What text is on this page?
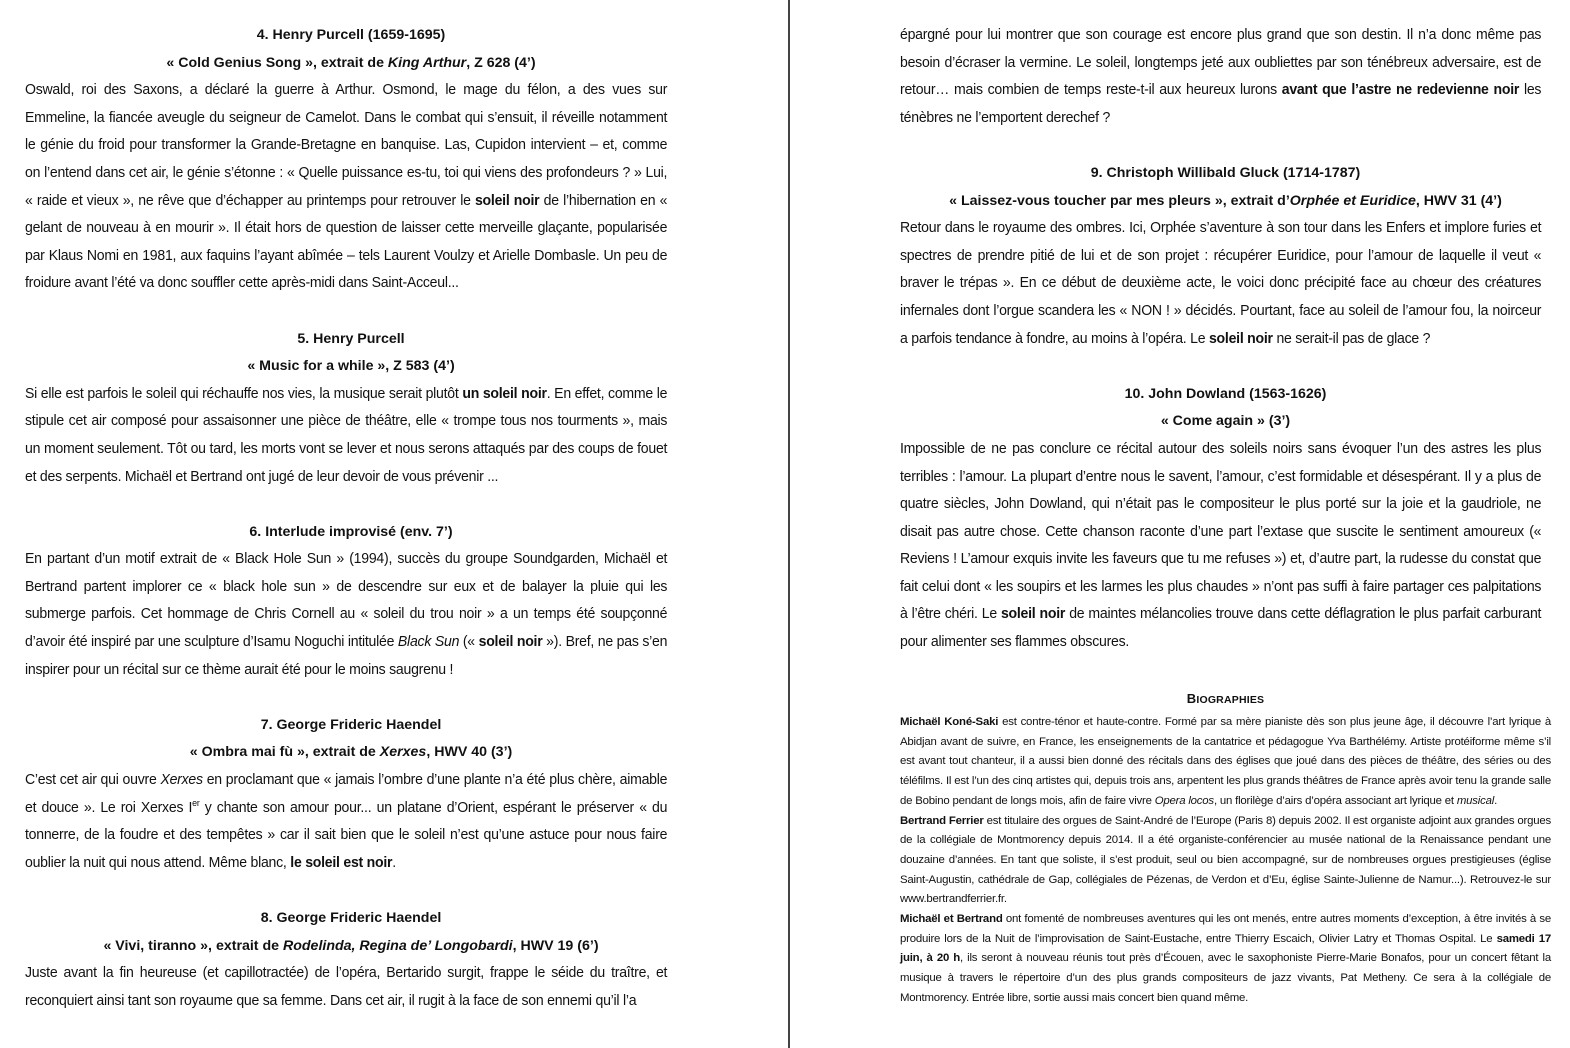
4. Henry Purcell (1659-1695)

« Cold Genius Song », extrait de King Arthur, Z 628 (4’)

Oswald, roi des Saxons, a déclaré la guerre à Arthur. Osmond, le mage du félon, a des vues sur Emmeline, la fiancée aveugle du seigneur de Camelot. Dans le combat qui s’ensuit, il réveille notamment le génie du froid pour transformer la Grande-Bretagne en banquise. Las, Cupidon intervient – et, comme on l’entend dans cet air, le génie s’étonne : « Quelle puissance es-tu, toi qui viens des profondeurs ? » Lui, « raide et vieux », ne rêve que d’échapper au printemps pour retrouver le soleil noir de l’hibernation en « gelant de nouveau à en mourir ». Il était hors de question de laisser cette merveille glaçante, popularisée par Klaus Nomi en 1981, aux faquins l’ayant abîmée – tels Laurent Voulzy et Arielle Dombasle. Un peu de froidure avant l’été va donc souffler cette après-midi dans Saint-Acceul...

5. Henry Purcell

« Music for a while », Z 583 (4’)

Si elle est parfois le soleil qui réchauffe nos vies, la musique serait plutôt un soleil noir. En effet, comme le stipule cet air composé pour assaisonner une pièce de théâtre, elle « trompe tous nos tourments », mais un moment seulement. Tôt ou tard, les morts vont se lever et nous serons attaqués par des coups de fouet et des serpents. Michaël et Bertrand ont jugé de leur devoir de vous prévenir ...

6. Interlude improvisé (env. 7’)

En partant d’un motif extrait de « Black Hole Sun » (1994), succès du groupe Soundgarden, Michaël et Bertrand partent implorer ce « black hole sun » de descendre sur eux et de balayer la pluie qui les submerge parfois. Cet hommage de Chris Cornell au « soleil du trou noir » a un temps été soupçonné d’avoir été inspiré par une sculpture d’Isamu Noguchi intitulée Black Sun (« soleil noir »). Bref, ne pas s’en inspirer pour un récital sur ce thème aurait été pour le moins saugrenu !

7. George Frideric Haendel

« Ombra mai fù », extrait de Xerxes, HWV 40 (3’)

C’est cet air qui ouvre Xerxes en proclamant que « jamais l’ombre d’une plante n’a été plus chère, aimable et douce ». Le roi Xerxes Ier y chante son amour pour... un platane d’Orient, espérant le préserver « du tonnerre, de la foudre et des tempêtes » car il sait bien que le soleil n’est qu’une astuce pour nous faire oublier la nuit qui nous attend. Même blanc, le soleil est noir.

8. George Frideric Haendel

« Vivi, tiranno », extrait de Rodelinda, Regina de’ Longobardi, HWV 19 (6’)

Juste avant la fin heureuse (et capillotractée) de l’opéra, Bertarido surgit, frappe le séide du traître, et reconquiert ainsi tant son royaume que sa femme. Dans cet air, il rugit à la face de son ennemi qu’il l’a

épargné pour lui montrer que son courage est encore plus grand que son destin. Il n’a donc même pas besoin d’écraser la vermine. Le soleil, longtemps jeté aux oubliettes par son ténébreux adversaire, est de retour… mais combien de temps reste-t-il aux heureux lurons avant que l’astre ne redevienne noir les ténèbres ne l’emportent derechef ?

9. Christoph Willibald Gluck (1714-1787)

« Laissez-vous toucher par mes pleurs », extrait d’Orphée et Euridice, HWV 31 (4’)

Retour dans le royaume des ombres. Ici, Orphée s’aventure à son tour dans les Enfers et implore furies et spectres de prendre pitié de lui et de son projet : récupérer Euridice, pour l’amour de laquelle il veut « braver le trépas ». En ce début de deuxième acte, le voici donc précipité face au chœur des créatures infernales dont l’orgue scandera les « NON ! » décidés. Pourtant, face au soleil de l’amour fou, la noirceur a parfois tendance à fondre, au moins à l’opéra. Le soleil noir ne serait-il pas de glace ?

10. John Dowland (1563-1626)

« Come again » (3’)

Impossible de ne pas conclure ce récital autour des soleils noirs sans évoquer l’un des astres les plus terribles : l’amour. La plupart d’entre nous le savent, l’amour, c’est formidable et désespérant. Il y a plus de quatre siècles, John Dowland, qui n’était pas le compositeur le plus porté sur la joie et la gaudriole, ne disait pas autre chose. Cette chanson raconte d’une part l’extase que suscite le sentiment amoureux (« Reviens ! L’amour exquis invite les faveurs que tu me refuses ») et, d’autre part, la rudesse du constat que fait celui dont « les soupirs et les larmes les plus chaudes » n’ont pas suffi à faire partager ces palpitations à l’être chéri. Le soleil noir de maintes mélancolies trouve dans cette déflagration le plus parfait carburant pour alimenter ses flammes obscures.

BIOGRAPHIES

Michaël Koné-Saki est contre-ténor et haute-contre. Formé par sa mère pianiste dès son plus jeune âge, il découvre l’art lyrique à Abidjan avant de suivre, en France, les enseignements de la cantatrice et pédagogue Yva Barthélémy. Artiste protéiforme même s’il est avant tout chanteur, il a aussi bien donné des récitals dans des églises que joué dans des pièces de théâtre, des séries ou des téléfilms. Il est l’un des cinq artistes qui, depuis trois ans, arpentent les plus grands théâtres de France après avoir tenu la grande salle de Bobino pendant de longs mois, afin de faire vivre Opera locos, un florilège d’airs d’opéra associant art lyrique et musical.

Bertrand Ferrier est titulaire des orgues de Saint-André de l’Europe (Paris 8) depuis 2002. Il est organiste adjoint aux grandes orgues de la collégiale de Montmorency depuis 2014. Il a été organiste-conférencier au musée national de la Renaissance pendant une douzaine d’années. En tant que soliste, il s’est produit, seul ou bien accompagné, sur de nombreuses orgues prestigieuses (église Saint-Augustin, cathédrale de Gap, collégiales de Pézenas, de Verdon et d’Eu, église Sainte-Julienne de Namur...). Retrouvez-le sur www.bertrandferrier.fr.

Michaël et Bertrand ont fomenté de nombreuses aventures qui les ont menés, entre autres moments d’exception, à être invités à se produire lors de la Nuit de l’improvisation de Saint-Eustache, entre Thierry Escaich, Olivier Latry et Thomas Ospital. Le samedi 17 juin, à 20 h, ils seront à nouveau réunis tout près d’Écouen, avec le saxophoniste Pierre-Marie Bonafos, pour un concert fêtant la musique à travers le répertoire d’un des plus grands compositeurs de jazz vivants, Pat Metheny. Ce sera à la collégiale de Montmorency. Entrée libre, sortie aussi mais concert bien quand même.
